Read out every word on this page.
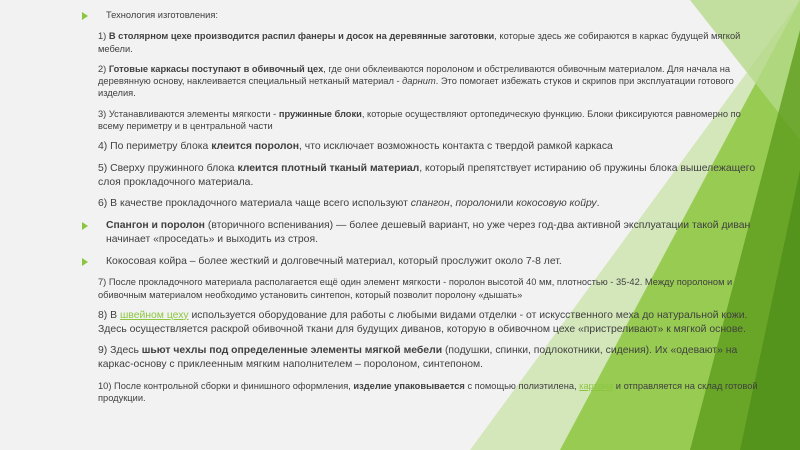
Технология изготовления:
1) В столярном цехе производится распил фанеры и досок на деревянные заготовки, которые здесь же собираются в каркас будущей мягкой мебели.
2) Готовые каркасы поступают в обивочный цех, где они обклеиваются поролоном и обстреливаются обивочным материалом. Для начала на деревянную основу, наклеивается специальный нетканый материал - дарнит. Это помогает избежать стуков и скрипов при эксплуатации готового изделия.
3) Устанавливаются элементы мягкости - пружинные блоки, которые осуществляют ортопедическую функцию. Блоки фиксируются равномерно по всему периметру и в центральной части
4) По периметру блока клеится поролон, что исключает возможность контакта с твердой рамкой каркаса
5) Сверху пружинного блока клеится плотный тканый материал, который препятствует истиранию об пружины блока вышележащего слоя прокладочного материала.
6) В качестве прокладочного материала чаще всего используют спангон, поролонили кокосовую койру.
Спангон и поролон (вторичного вспенивания) — более дешевый вариант, но уже через год-два активной эксплуатации такой диван начинает «проседать» и выходить из строя.
Кокосовая койра – более жесткий и долговечный материал, который прослужит около 7-8 лет.
7) После прокладочного материала располагается ещё один элемент мягкости - поролон высотой 40 мм, плотностью - 35-42. Между поролоном и обивочным материалом необходимо установить синтепон, который позволит поролону «дышать»
8) В швейном цеху используется оборудование для работы с любыми видами отделки - от искусственного меха до натуральной кожи. Здесь осуществляется раскрой обивочной ткани для будущих диванов, которую в обивочном цехе «пристреливают» к мягкой основе.
9) Здесь шьют чехлы под определенные элементы мягкой мебели (подушки, спинки, подлокотники, сидения). Их «одевают» на каркас-основу с приклеенным мягким наполнителем – поролоном, синтепоном.
10) После контрольной сборки и финишного оформления, изделие упаковывается с помощью полиэтилена, картона и отправляется на склад готовой продукции.
